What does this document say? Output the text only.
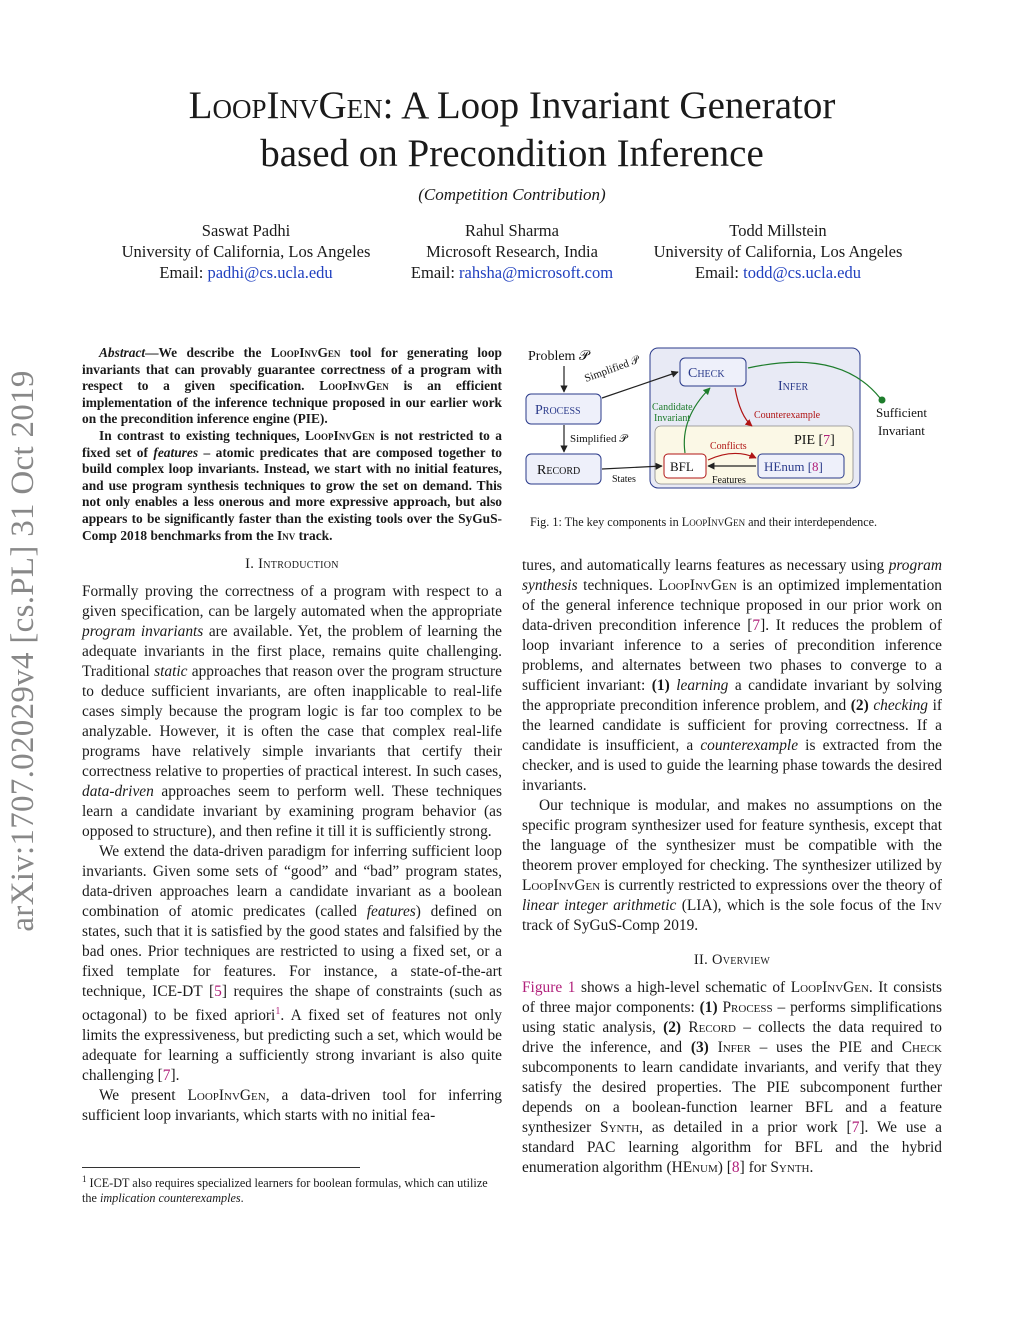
LoopInvGen: A Loop Invariant Generator
based on Precondition Inference
(Competition Contribution)
Saswat Padhi
University of California, Los Angeles
Email: padhi@cs.ucla.edu
Rahul Sharma
Microsoft Research, India
Email: rahsha@microsoft.com
Todd Millstein
University of California, Los Angeles
Email: todd@cs.ucla.edu
arXiv:1707.02029v4 [cs.PL] 31 Oct 2019

Abstract—We describe the LoopInvGen tool for generating loop invariants that can provably guarantee correctness of a program with respect to a given specification. LoopInvGen is an efficient implementation of the inference technique proposed in our earlier work on the precondition inference engine (PIE).

In contrast to existing techniques, LoopInvGen is not restricted to a fixed set of features – atomic predicates that are composed together to build complex loop invariants. Instead, we start with no initial features, and use program synthesis techniques to grow the set on demand. This not only enables a less onerous and more expressive approach, but also appears to be significantly faster than the existing tools over the SyGuS-Comp 2018 benchmarks from the Inv track.

I. Introduction

Formally proving the correctness of a program with respect to a given specification, can be largely automated when the appropriate program invariants are available. Yet, the problem of learning the adequate invariants in the first place, remains quite challenging. Traditional static approaches that reason over the program structure to deduce sufficient invariants, are often inapplicable to real-life cases simply because the program logic is far too complex to be analyzable. However, it is often the case that complex real-life programs have relatively simple invariants that certify their correctness relative to properties of practical interest. In such cases, data-driven approaches seem to perform well. These techniques learn a candidate invariant by examining program behavior (as opposed to structure), and then refine it till it is sufficiently strong.

We extend the data-driven paradigm for inferring sufficient loop invariants. Given some sets of “good” and “bad” program states, data-driven approaches learn a candidate invariant as a boolean combination of atomic predicates (called features) defined on states, such that it is satisfied by the good states and falsified by the bad ones. Prior techniques are restricted to using a fixed set, or a fixed template for features. For instance, a state-of-the-art technique, ICE-DT [5] requires the shape of constraints (such as octagonal) to be fixed apriori$^1$. A fixed set of features not only limits the expressiveness, but predicting such a set, which would be adequate for learning a sufficiently strong invariant is also quite challenging [7].

We present LoopInvGen, a data-driven tool for inferring sufficient loop invariants, which starts with no initial fea-

$^1$ ICE-DT also requires specialized learners for boolean formulas, which can utilize the implication counterexamples.
Problem 𝒫
Simplified 𝒫
Simplified 𝒫
Process
Record
Check
Infer
Candidate
Invariant	Counterexample
PIE [7]
Conflicts
BFL	HEnum [8]
Features
States
Sufficient
Invariant
Fig. 1: The key components in LoopInvGen and their interdependence.

tures, and automatically learns features as necessary using program synthesis techniques. LoopInvGen is an optimized implementation of the general inference technique proposed in our prior work on data-driven precondition inference [7]. It reduces the problem of loop invariant inference to a series of precondition inference problems, and alternates between two phases to converge to a sufficient invariant: (1) learning a candidate invariant by solving the appropriate precondition inference problem, and (2) checking if the learned candidate is sufficient for proving correctness. If a candidate is insufficient, a counterexample is extracted from the checker, and is used to guide the learning phase towards the desired invariants.

Our technique is modular, and makes no assumptions on the specific program synthesizer used for feature synthesis, except that the language of the synthesizer must be compatible with the theorem prover employed for checking. The synthesizer utilized by LoopInvGen is currently restricted to expressions over the theory of linear integer arithmetic (LIA), which is the sole focus of the Inv track of SyGuS-Comp 2019.

II. Overview

Figure 1 shows a high-level schematic of LoopInvGen. It consists of three major components: (1) Process – performs simplifications using static analysis, (2) Record – collects the data required to drive the inference, and (3) Infer – uses the PIE and Check subcomponents to learn candidate invariants, and verify that they satisfy the desired properties. The PIE subcomponent further depends on a boolean-function learner BFL and a feature synthesizer Synth, as detailed in a prior work [7]. We use a standard PAC learning algorithm for BFL and the hybrid enumeration algorithm (HEnum) [8] for Synth.
